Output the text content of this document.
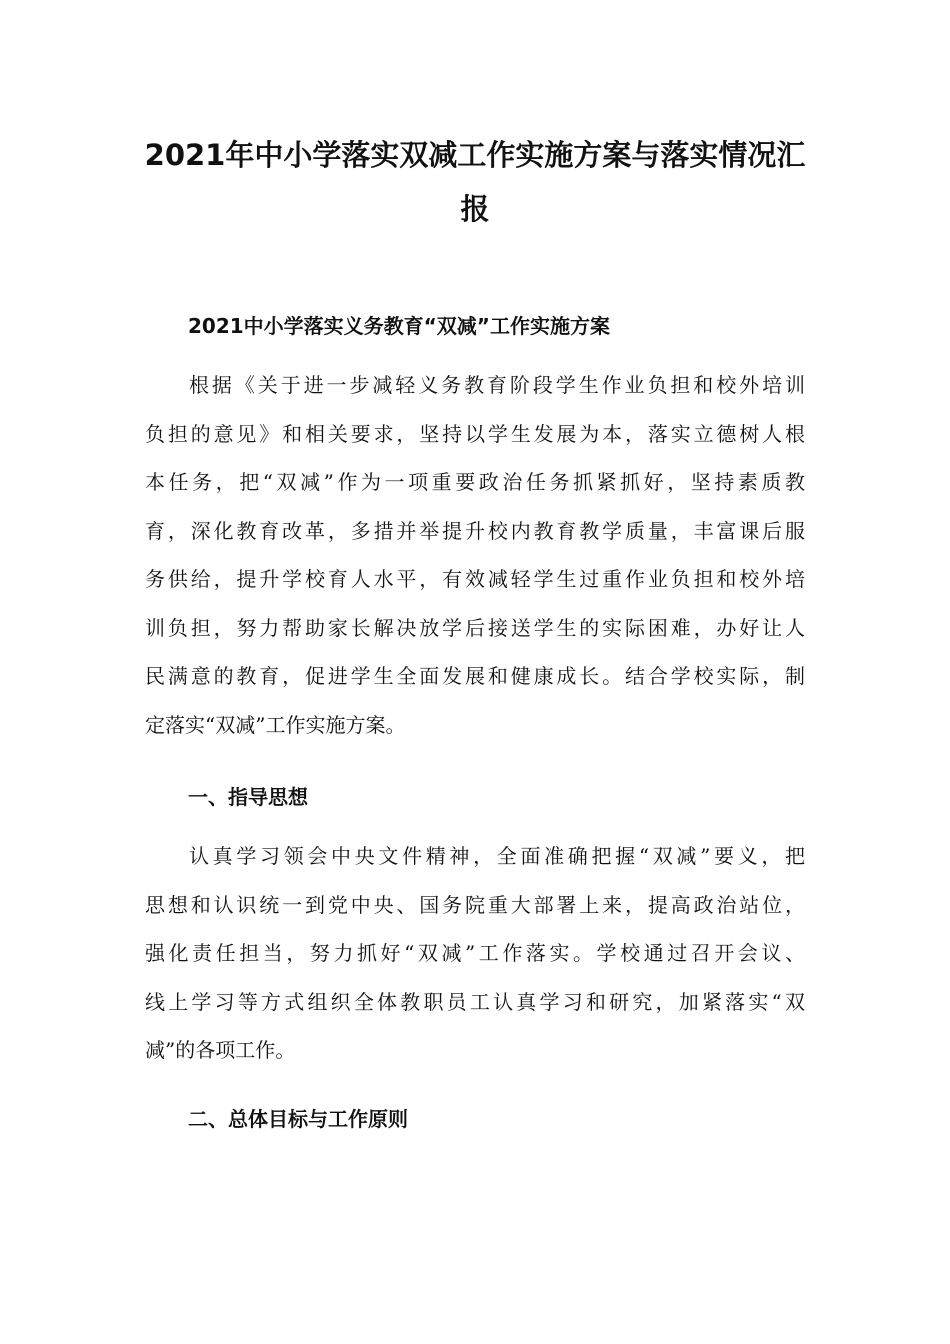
2021年中小学落实双减工作实施方案与落实情况汇
报
2021中小学落实义务教育“双减”工作实施方案
根据《关于进一步减轻义务教育阶段学生作业负担和校外培训
负担的意见》和相关要求，坚持以学生发展为本，落实立德树人根
本任务，把“双减”作为一项重要政治任务抓紧抓好，坚持素质教
育，深化教育改革，多措并举提升校内教育教学质量，丰富课后服
务供给，提升学校育人水平，有效减轻学生过重作业负担和校外培
训负担，努力帮助家长解决放学后接送学生的实际困难，办好让人
民满意的教育，促进学生全面发展和健康成长。结合学校实际，制
定落实“双减”工作实施方案。
一、指导思想
认真学习领会中央文件精神，全面准确把握“双减”要义，把
思想和认识统一到党中央、国务院重大部署上来，提高政治站位，
强化责任担当，努力抓好“双减”工作落实。学校通过召开会议、
线上学习等方式组织全体教职员工认真学习和研究，加紧落实“双
减”的各项工作。
二、总体目标与工作原则
